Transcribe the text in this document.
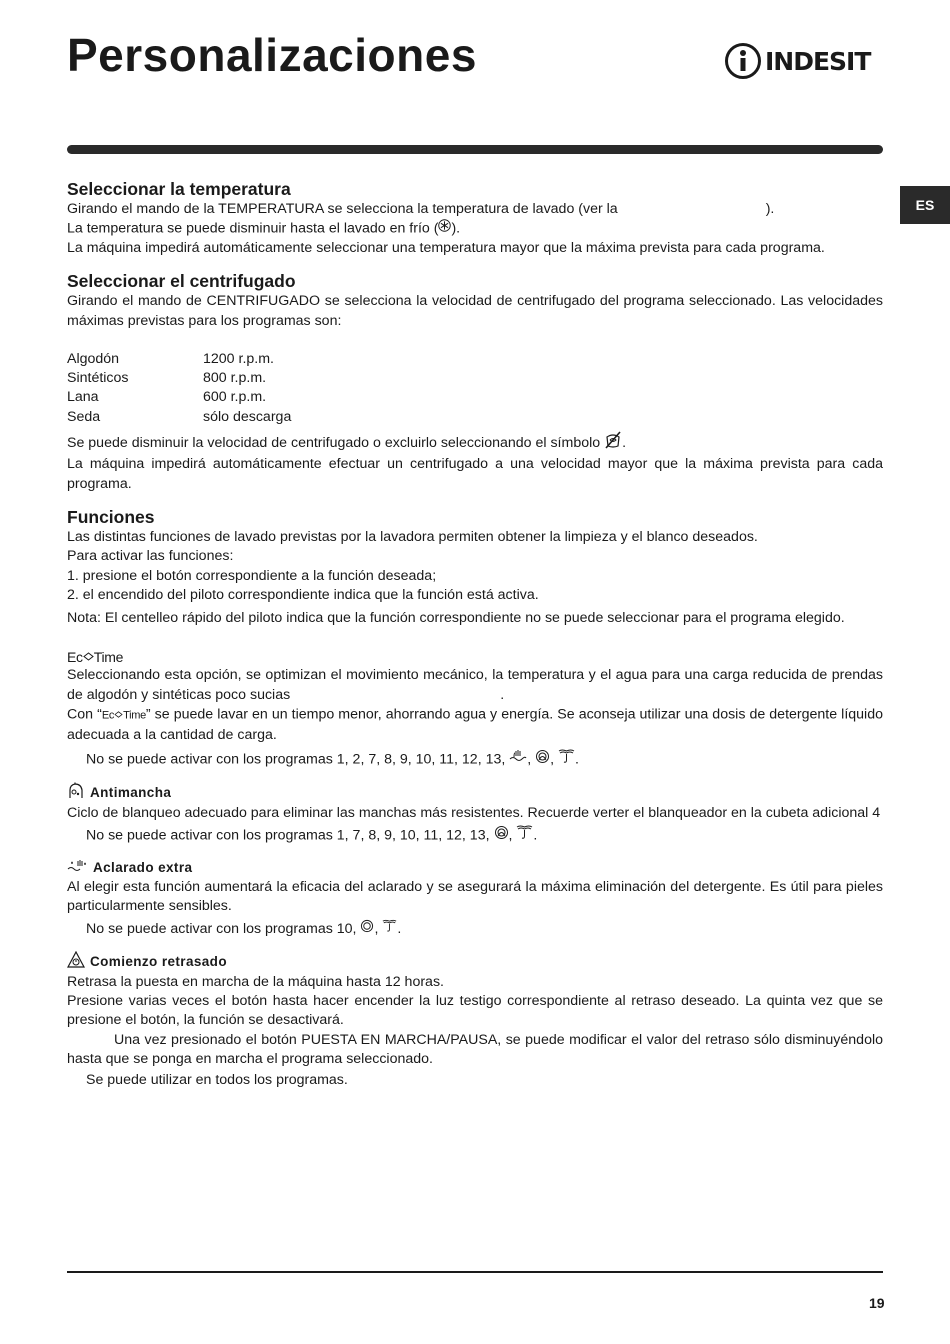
Personalizaciones	INDESIT
ES
Seleccionar la temperatura

Girando el mando de la TEMPERATURA se selecciona la temperatura de lavado (ver la	).

La temperatura se puede disminuir hasta el lavado en frío ( ).

La máquina impedirá automáticamente seleccionar una temperatura mayor que la máxima prevista para cada programa.

Seleccionar el centrifugado

Girando el mando de CENTRIFUGADO se selecciona la velocidad de centrifugado del programa seleccionado. Las velocidades máximas previstas para los programas son:

Algodón	1200 r.p.m.
Sintéticos	800 r.p.m.
Lana	600 r.p.m.
Seda	sólo descarga

Se puede disminuir la velocidad de centrifugado o excluirlo seleccionando el símbolo .

La máquina impedirá automáticamente efectuar un centrifugado a una velocidad mayor que la máxima prevista para cada programa.

Funciones

Las distintas funciones de lavado previstas por la lavadora permiten obtener la limpieza y el blanco deseados.

Para activar las funciones:

1. presione el botón correspondiente a la función deseada;

2. el encendido del piloto correspondiente indica que la función está activa.

Nota: El centelleo rápido del piloto indica que la función correspondiente no se puede seleccionar para el programa elegido.

Ec Time

Seleccionando esta opción, se optimizan el movimiento mecánico, la temperatura y el agua para una carga reducida de prendas de algodón y sintéticas poco sucias	.

Con “Ec Time” se puede lavar en un tiempo menor, ahorrando agua y energía. Se aconseja utilizar una dosis de detergente líquido adecuada a la cantidad de carga.

No se puede activar con los programas 1, 2, 7, 8, 9, 10, 11, 12, 13, , , .

Antimancha

Ciclo de blanqueo adecuado para eliminar las manchas más resistentes. Recuerde verter el blanqueador en la cubeta adicional 4

No se puede activar con los programas 1, 7, 8, 9, 10, 11, 12, 13, , .

Aclarado extra

Al elegir esta función aumentará la eficacia del aclarado y se asegurará la máxima eliminación del detergente. Es útil para pieles particularmente sensibles.

No se puede activar con los programas 10, , .

Comienzo retrasado

Retrasa la puesta en marcha de la máquina hasta 12 horas.

Presione varias veces el botón hasta hacer encender la luz testigo correspondiente al retraso deseado. La quinta vez que se presione el botón, la función se desactivará.

Una vez presionado el botón PUESTA EN MARCHA/PAUSA, se puede modificar el valor del retraso sólo disminuyéndolo hasta que se ponga en marcha el programa seleccionado.

Se puede utilizar en todos los programas.

19
